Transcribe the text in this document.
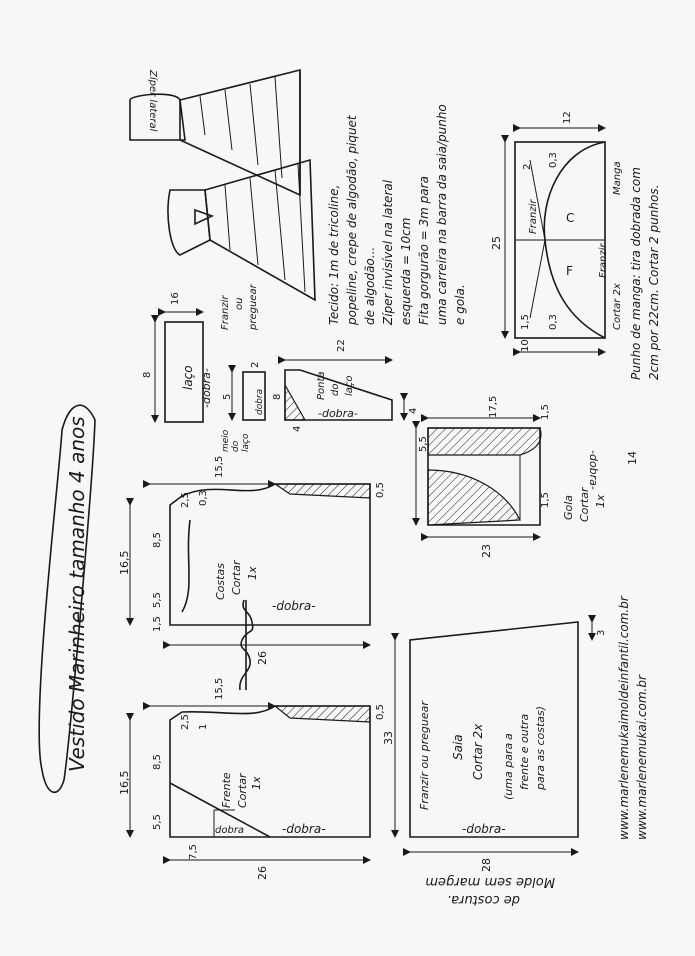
Vestido Marinheiro tamanho 4 anos
Frente Cortar 1x
-dobra-
dobra
16,5
5,5
8,5
2,5
7,5
15,5
1
0,5
26
Costas Cortar 1x
-dobra-
16,5
5,5
8,5
2,5
1,5
15,5
0,3
0,5
26
Franzir ou preguear Saia Cortar 2x (uma para
a frente e outra para as costas)
-dobra-
33
28
3
Gola Cortar 1x
-dobra-
17,5
5,5
1,5
1,5
23
14
laço -dobra-
16
8
meio do laço
dobra
5
2
Ponta do laço
-dobra-
22
8
4
4
Cortar 2x
Manga
Franzir
Franzir
C
F
25
12
2 0,3
0,3
1,5
10
Zíper lateral
Franzir ou preguear	Tecido: 1m de tricoline, popeline, crepe de algodão, piquet de algodão... Zíper invisível na lateral esquerda = 10cm Fita gorgurão = 3m para uma carreira na barra da saia/punho e gola.	Punho de manga: tira dobrada com 2cm por 22cm. Cortar 2 punhos.
www.marlenemukaimoldeinfantil.com.br www.marlenemukai.com.br
Molde sem margem
de costura.
